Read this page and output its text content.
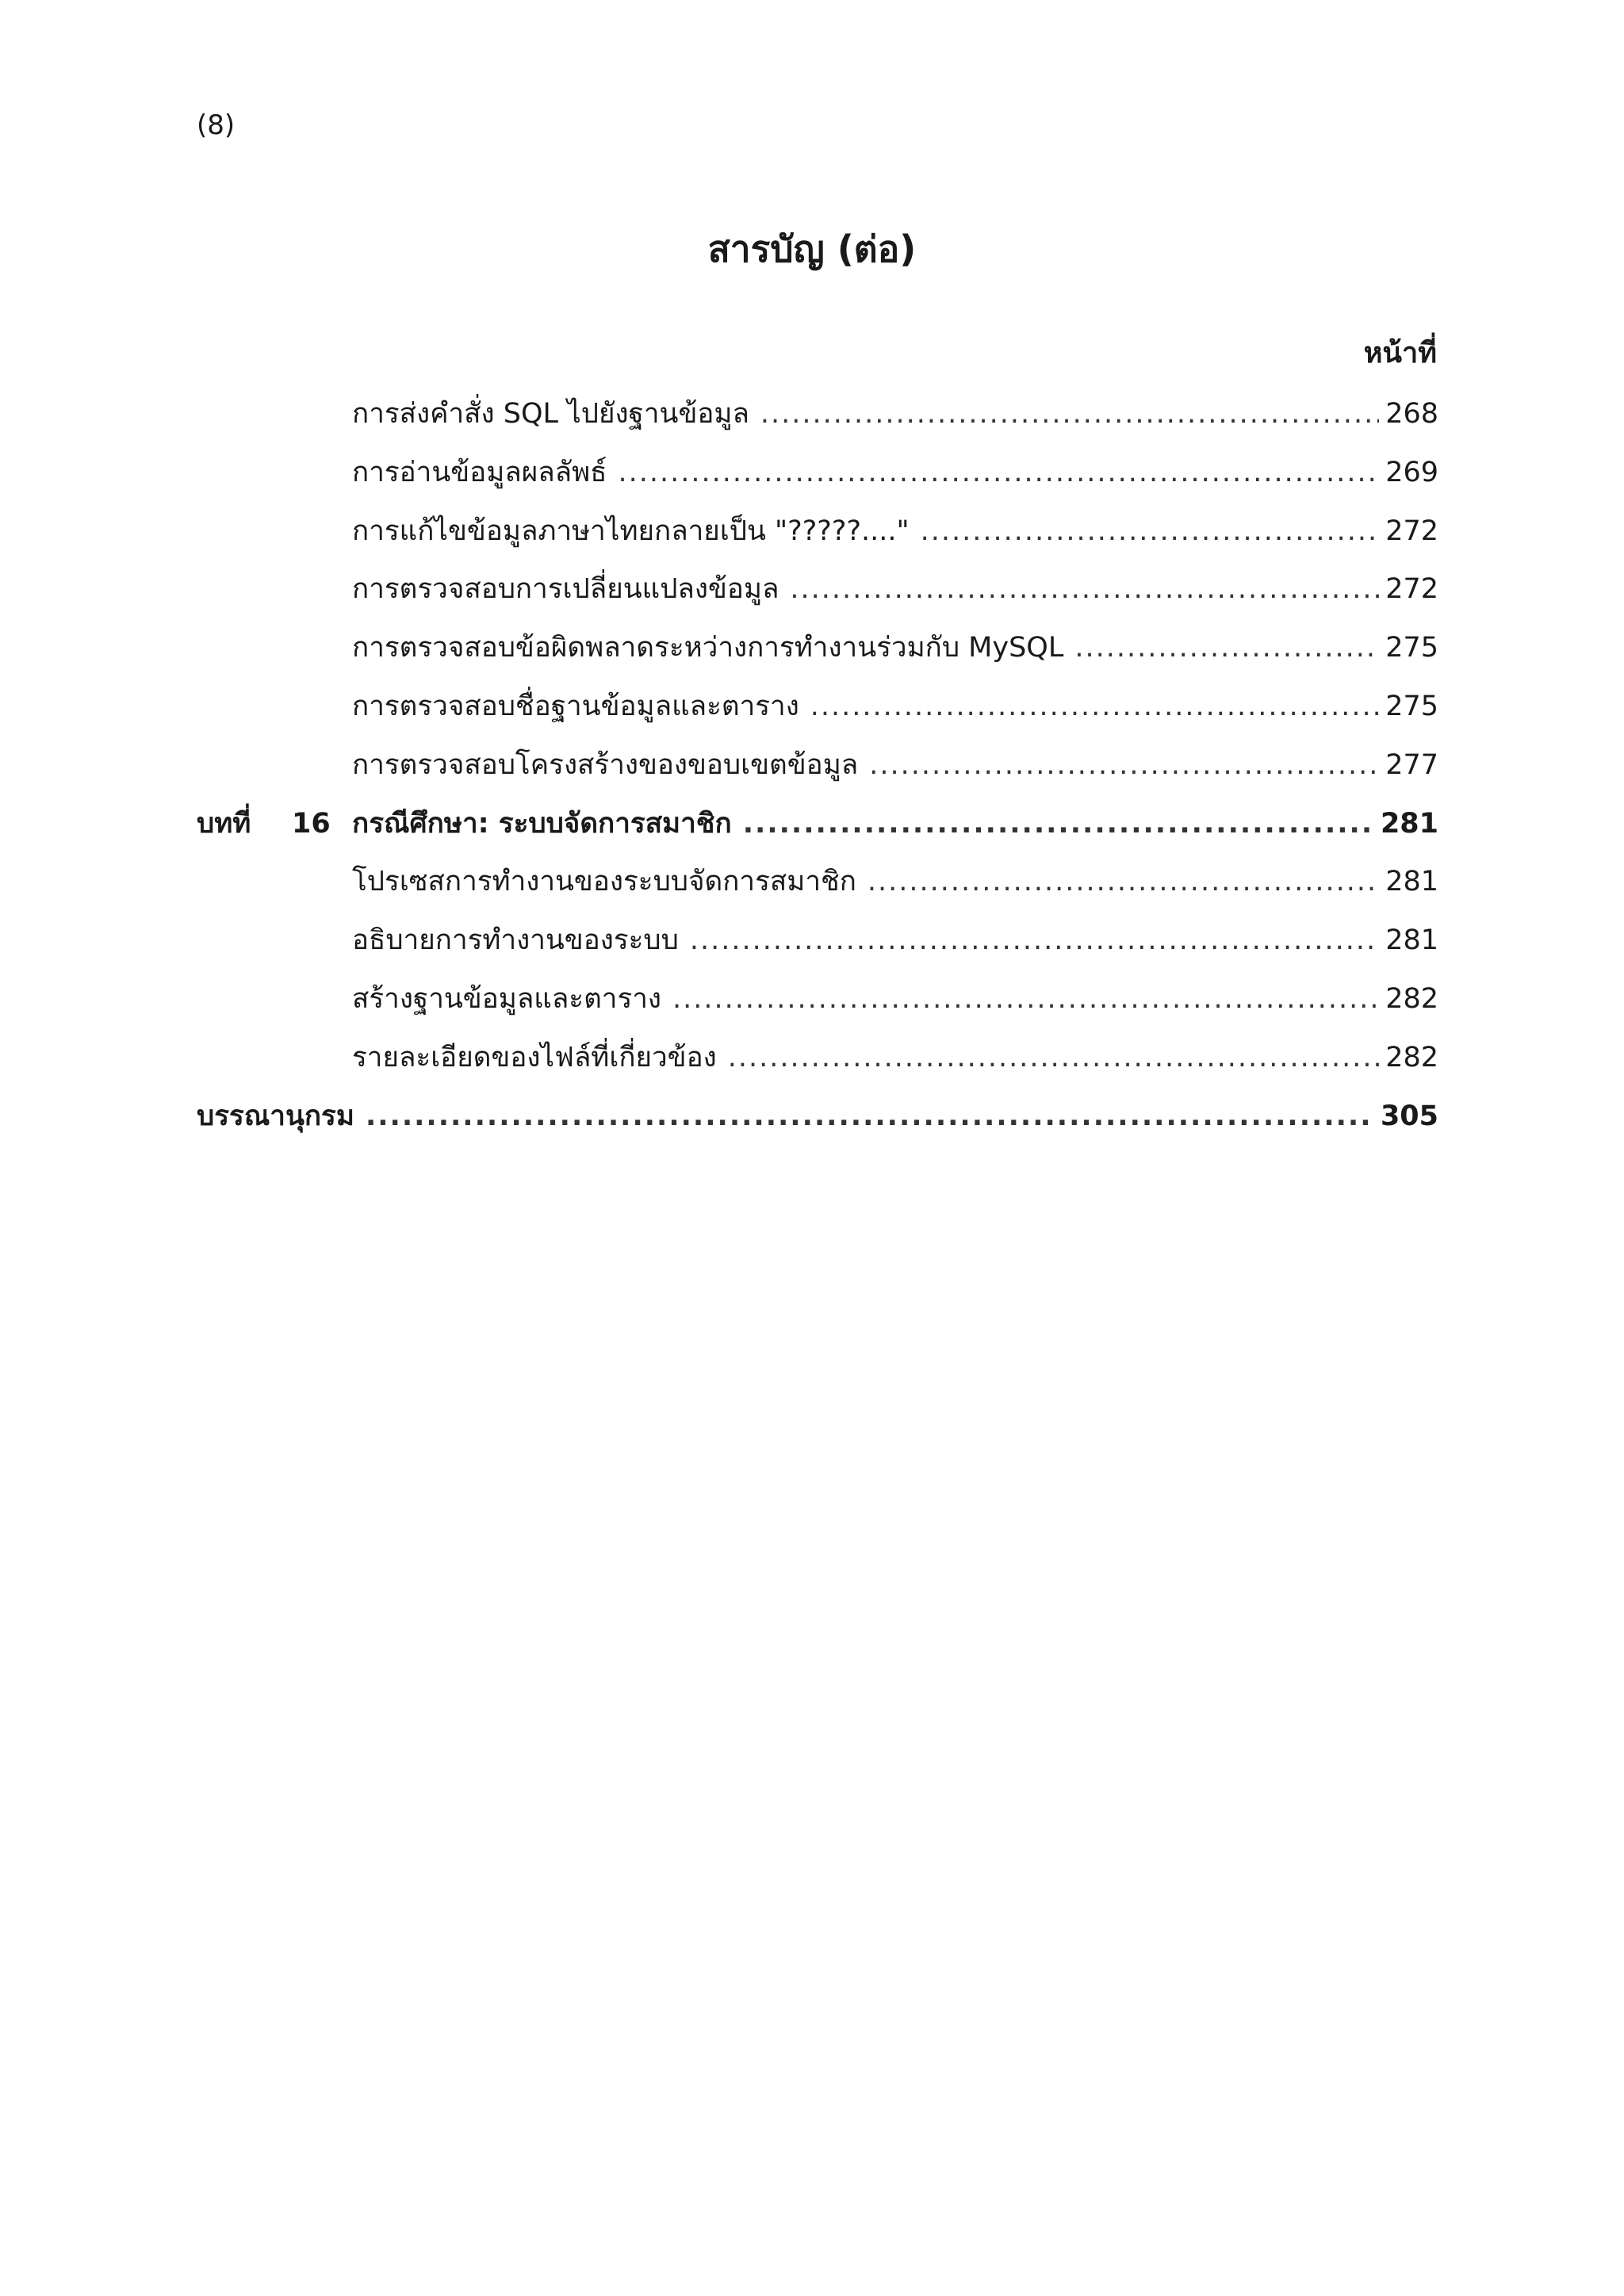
(8)
สารบัญ (ต่อ)
หน้าที่
การส่งคำสั่ง SQL ไปยังฐานข้อมูล .....	268
การอ่านข้อมูลผลลัพธ์ .....	269
การแก้ไขข้อมูลภาษาไทยกลายเป็น "?????...." .....	272
การตรวจสอบการเปลี่ยนแปลงข้อมูล .....	272
การตรวจสอบข้อผิดพลาดระหว่างการทำงานร่วมกับ MySQL .....	275
การตรวจสอบชื่อฐานข้อมูลและตาราง .....	275
การตรวจสอบโครงสร้างของขอบเขตข้อมูล .....	277
บทที่	16 กรณีศึกษา: ระบบจัดการสมาชิก .....	281
โปรเซสการทำงานของระบบจัดการสมาชิก .....	281
อธิบายการทำงานของระบบ .....	281
สร้างฐานข้อมูลและตาราง .....	282
รายละเอียดของไฟล์ที่เกี่ยวข้อง .....	282
บรรณานุกรม .....	305
